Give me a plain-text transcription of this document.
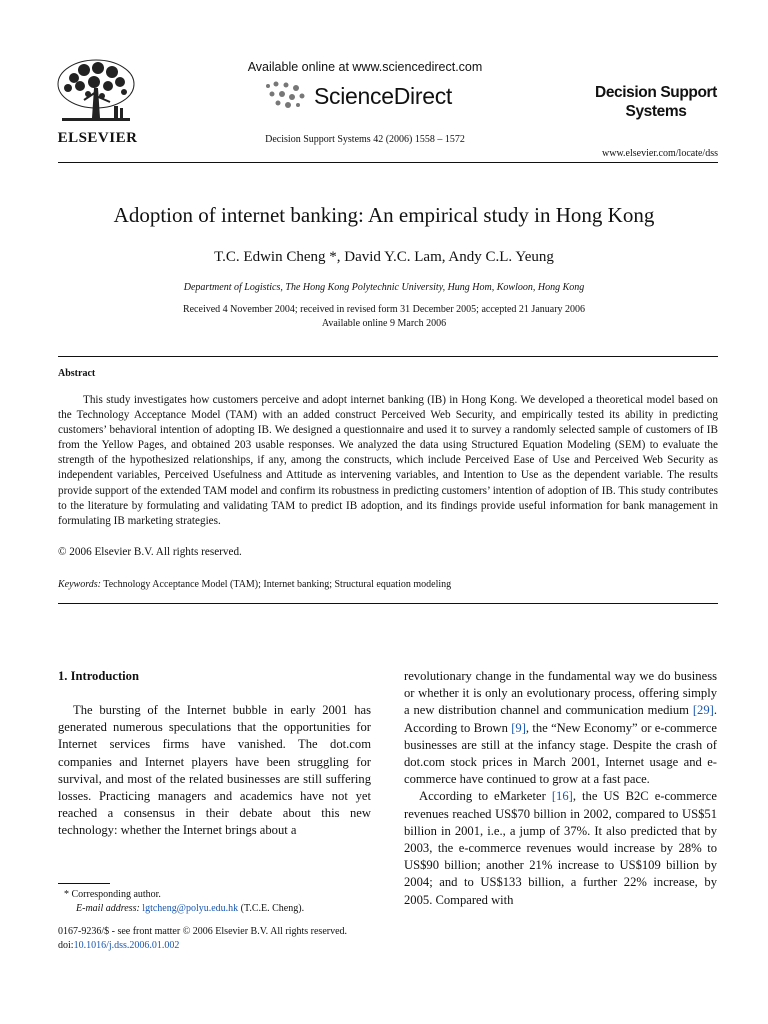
ELSEVIER
Available online at www.sciencedirect.com
ScienceDirect
Decision Support Systems 42 (2006) 1558 – 1572
Decision Support
Systems
www.elsevier.com/locate/dss
Adoption of internet banking: An empirical study in Hong Kong
T.C. Edwin Cheng *, David Y.C. Lam, Andy C.L. Yeung
Department of Logistics, The Hong Kong Polytechnic University, Hung Hom, Kowloon, Hong Kong
Received 4 November 2004; received in revised form 31 December 2005; accepted 21 January 2006
Available online 9 March 2006
Abstract

This study investigates how customers perceive and adopt internet banking (IB) in Hong Kong. We developed a theoretical model based on the Technology Acceptance Model (TAM) with an added construct Perceived Web Security, and empirically tested its ability in predicting customers’ behavioral intention of adopting IB. We designed a questionnaire and used it to survey a randomly selected sample of customers of IB from the Yellow Pages, and obtained 203 usable responses. We analyzed the data using Structured Equation Modeling (SEM) to evaluate the strength of the hypothesized relationships, if any, among the constructs, which include Perceived Ease of Use and Perceived Web Security as independent variables, Perceived Usefulness and Attitude as intervening variables, and Intention to Use as the dependent variable. The results provide support of the extended TAM model and confirm its robustness in predicting customers’ intention of adoption of IB. This study contributes to the literature by formulating and validating TAM to predict IB adoption, and its findings provide useful information for bank management in formulating IB marketing strategies.

© 2006 Elsevier B.V. All rights reserved.
Keywords: Technology Acceptance Model (TAM); Internet banking; Structural equation modeling
1. Introduction

The bursting of the Internet bubble in early 2001 has generated numerous speculations that the opportunities for Internet services firms have vanished. The dot.com companies and Internet players have been struggling for survival, and most of the related businesses are still suffering losses. Practicing managers and academics have not yet reached a consensus in their debate about this new technology: whether the Internet brings about a

revolutionary change in the fundamental way we do business or whether it is only an evolutionary process, offering simply a new distribution channel and communication medium [29]. According to Brown [9], the “New Economy” or e-commerce businesses are still at the infancy stage. Despite the crash of dot.com stock prices in March 2001, Internet usage and e-commerce have continued to grow at a fast pace.

According to eMarketer [16], the US B2C e-commerce revenues reached US$70 billion in 2002, compared to US$51 billion in 2001, i.e., a jump of 37%. It also predicted that by 2003, the e-commerce revenues would increase by 28% to US$90 billion; another 21% increase to US$109 billion by 2004; and to US$133 billion, a further 22% increase, by 2005. Compared with

* Corresponding author.
E-mail address: lgtcheng@polyu.edu.hk (T.C.E. Cheng).
0167-9236/$ - see front matter © 2006 Elsevier B.V. All rights reserved.
doi:10.1016/j.dss.2006.01.002
